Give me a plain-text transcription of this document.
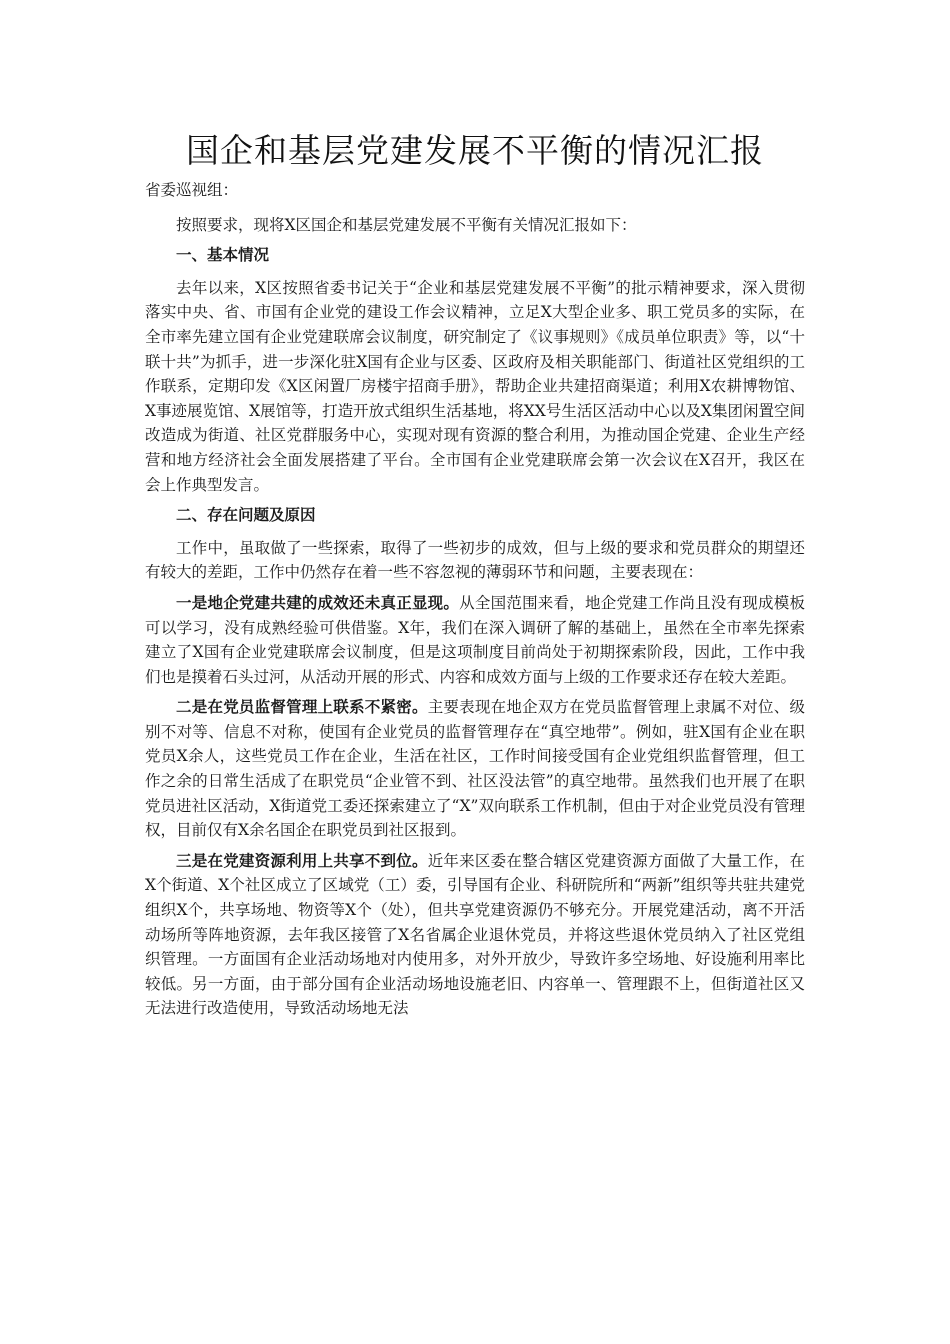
国企和基层党建发展不平衡的情况汇报

省委巡视组：

按照要求，现将X区国企和基层党建发展不平衡有关情况汇报如下：

一、基本情况

去年以来，X区按照省委书记关于“企业和基层党建发展不平衡”的批示精神要求，深入贯彻落实中央、省、市国有企业党的建设工作会议精神，立足X大型企业多、职工党员多的实际，在全市率先建立国有企业党建联席会议制度，研究制定了《议事规则》《成员单位职责》等，以“十联十共”为抓手，进一步深化驻X国有企业与区委、区政府及相关职能部门、街道社区党组织的工作联系，定期印发《X区闲置厂房楼宇招商手册》，帮助企业共建招商渠道；利用X农耕博物馆、X事迹展览馆、X展馆等，打造开放式组织生活基地，将XX号生活区活动中心以及X集团闲置空间改造成为街道、社区党群服务中心，实现对现有资源的整合利用，为推动国企党建、企业生产经营和地方经济社会全面发展搭建了平台。全市国有企业党建联席会第一次会议在X召开，我区在会上作典型发言。

二、存在问题及原因

工作中，虽取做了一些探索，取得了一些初步的成效，但与上级的要求和党员群众的期望还有较大的差距，工作中仍然存在着一些不容忽视的薄弱环节和问题，主要表现在：

一是地企党建共建的成效还未真正显现。从全国范围来看，地企党建工作尚且没有现成模板可以学习，没有成熟经验可供借鉴。X年，我们在深入调研了解的基础上，虽然在全市率先探索建立了X国有企业党建联席会议制度，但是这项制度目前尚处于初期探索阶段，因此，工作中我们也是摸着石头过河，从活动开展的形式、内容和成效方面与上级的工作要求还存在较大差距。

二是在党员监督管理上联系不紧密。主要表现在地企双方在党员监督管理上隶属不对位、级别不对等、信息不对称，使国有企业党员的监督管理存在“真空地带”。例如，驻X国有企业在职党员X余人，这些党员工作在企业，生活在社区，工作时间接受国有企业党组织监督管理，但工作之余的日常生活成了在职党员“企业管不到、社区没法管”的真空地带。虽然我们也开展了在职党员进社区活动，X街道党工委还探索建立了“X”双向联系工作机制，但由于对企业党员没有管理权，目前仅有X余名国企在职党员到社区报到。

三是在党建资源利用上共享不到位。近年来区委在整合辖区党建资源方面做了大量工作，在X个街道、X个社区成立了区域党（工）委，引导国有企业、科研院所和“两新”组织等共驻共建党组织X个，共享场地、物资等X个（处），但共享党建资源仍不够充分。开展党建活动，离不开活动场所等阵地资源，去年我区接管了X名省属企业退休党员，并将这些退休党员纳入了社区党组织管理。一方面国有企业活动场地对内使用多，对外开放少，导致许多空场地、好设施利用率比较低。另一方面，由于部分国有企业活动场地设施老旧、内容单一、管理跟不上，但街道社区又无法进行改造使用，导致活动场地无法
